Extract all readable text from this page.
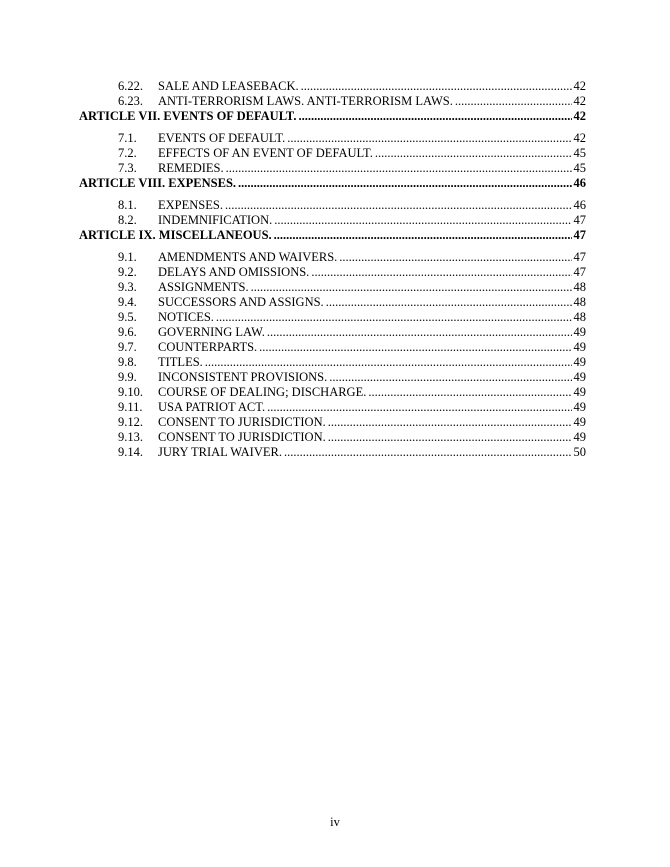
6.22.	SALE AND LEASEBACK. .....	42
6.23.	ANTI-TERRORISM LAWS. ANTI-TERRORISM LAWS. .....	42
ARTICLE VII. EVENTS OF DEFAULT. .....	42
7.1.	EVENTS OF DEFAULT. .....	42
7.2.	EFFECTS OF AN EVENT OF DEFAULT. .....	45
7.3.	REMEDIES. .....	45
ARTICLE VIII. EXPENSES. .....	46
8.1.	EXPENSES. .....	46
8.2.	INDEMNIFICATION. .....	47
ARTICLE IX. MISCELLANEOUS. .....	47
9.1.	AMENDMENTS AND WAIVERS. .....	47
9.2.	DELAYS AND OMISSIONS. .....	47
9.3.	ASSIGNMENTS. .....	48
9.4.	SUCCESSORS AND ASSIGNS. .....	48
9.5.	NOTICES. .....	48
9.6.	GOVERNING LAW. .....	49
9.7.	COUNTERPARTS. .....	49
9.8.	TITLES. .....	49
9.9.	INCONSISTENT PROVISIONS. .....	49
9.10.	COURSE OF DEALING; DISCHARGE. .....	49
9.11.	USA PATRIOT ACT. .....	49
9.12.	CONSENT TO JURISDICTION. .....	49
9.13.	CONSENT TO JURISDICTION. .....	49
9.14.	JURY TRIAL WAIVER. .....	50
iv
